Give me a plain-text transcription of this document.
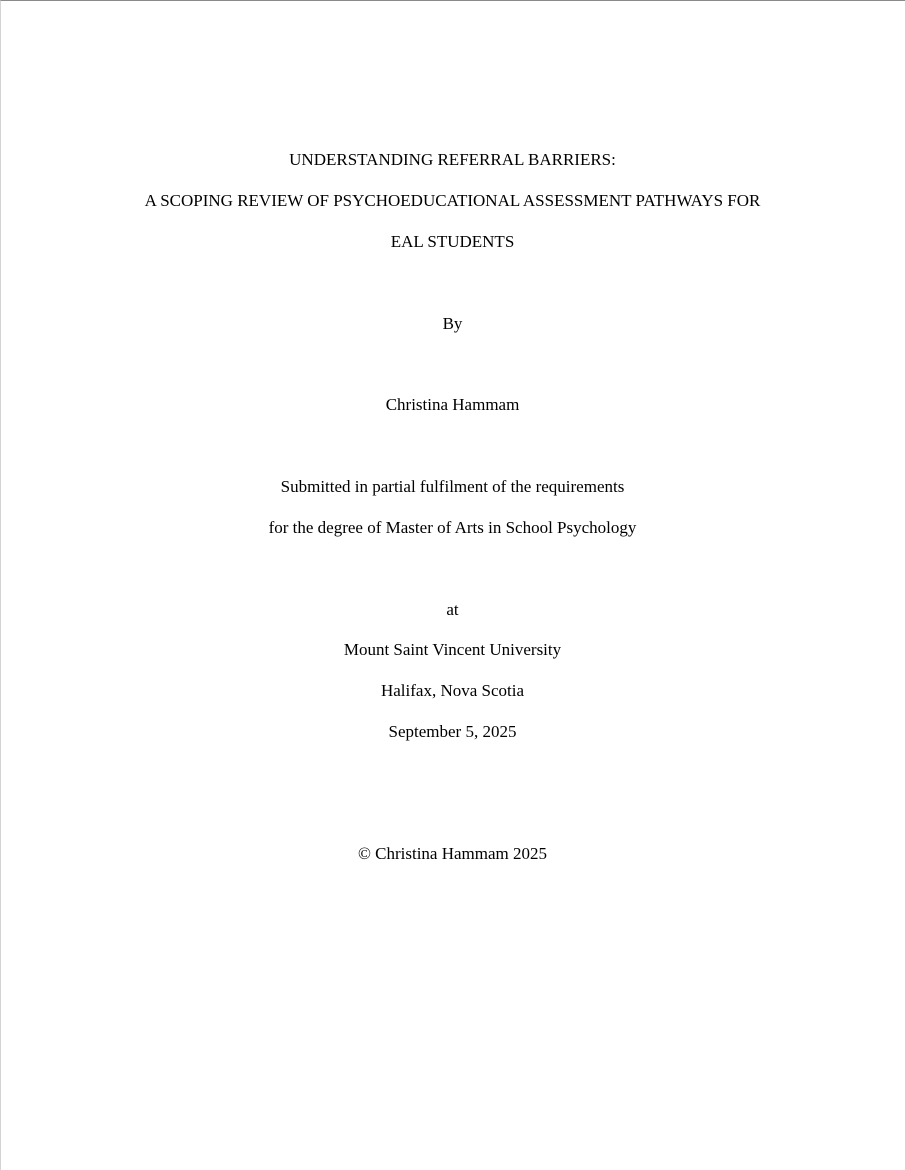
UNDERSTANDING REFERRAL BARRIERS:
A SCOPING REVIEW OF PSYCHOEDUCATIONAL ASSESSMENT PATHWAYS FOR
EAL STUDENTS
By
Christina Hammam
Submitted in partial fulfilment of the requirements
for the degree of Master of Arts in School Psychology
at
Mount Saint Vincent University
Halifax, Nova Scotia
September 5, 2025
© Christina Hammam 2025
